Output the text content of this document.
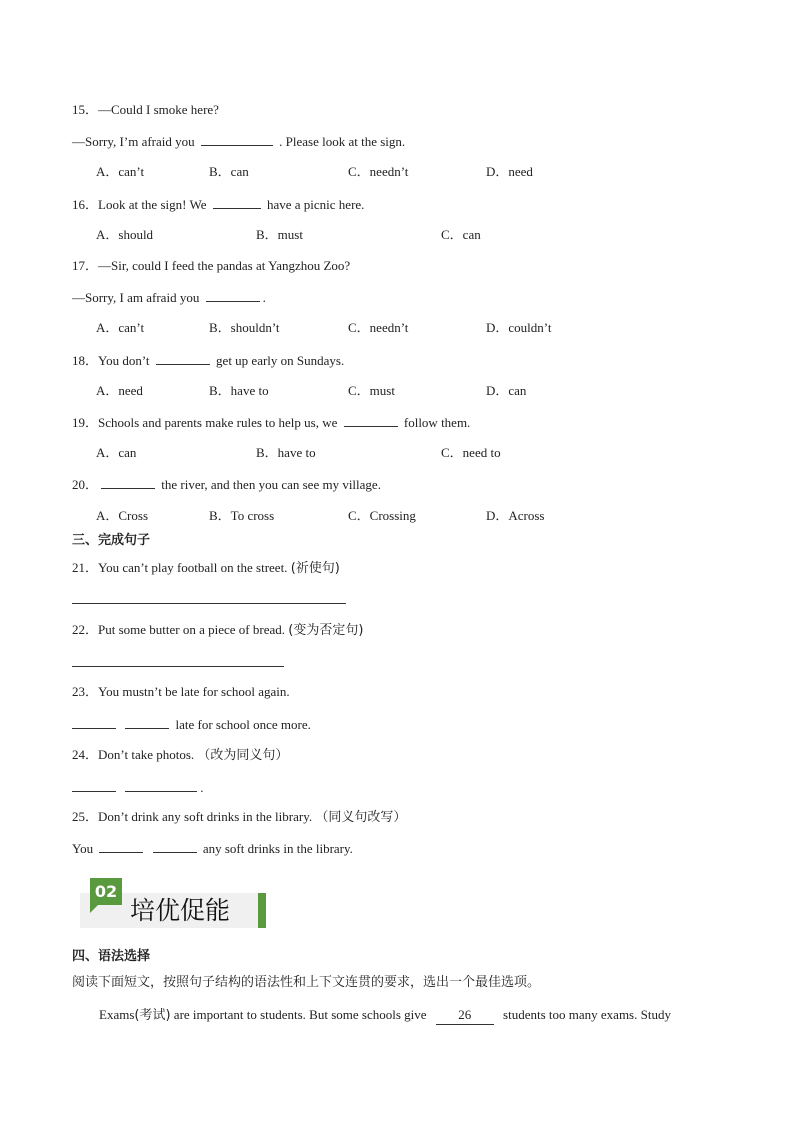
15．—Could I smoke here?
—Sorry, I’m afraid you	. Please look at the sign.
A．can’t	B．can	C．needn’t	D．need
16．Look at the sign! We	have a picnic here.
A．should	B．must	C．can
17．—Sir, could I feed the pandas at Yangzhou Zoo?
—Sorry, I am afraid you	.
A．can’t	B．shouldn’t	C．needn’t	D．couldn’t
18．You don’t	get up early on Sundays.
A．need	B．have to	C．must	D．can
19．Schools and parents make rules to help us, we	follow them.
A．can	B．have to	C．need to
20．	the river, and then you can see my village.
A．Cross	B．To cross	C．Crossing	D．Across
三、完成句子
21．You can’t play football on the street. (祈使句)
22．Put some butter on a piece of bread. (变为否定句)
23．You mustn’t be late for school again.
late for school once more.
24．Don’t take photos. （改为同义句）
.
25．Don’t drink any soft drinks in the library. （同义句改写）
You	any soft drinks in the library.
02
培优促能
四、语法选择
阅读下面短文，按照句子结构的语法性和上下文连贯的要求，选出一个最佳选项。
Exams(考试) are important to students. But some schools give 26 students too many exams. Study
